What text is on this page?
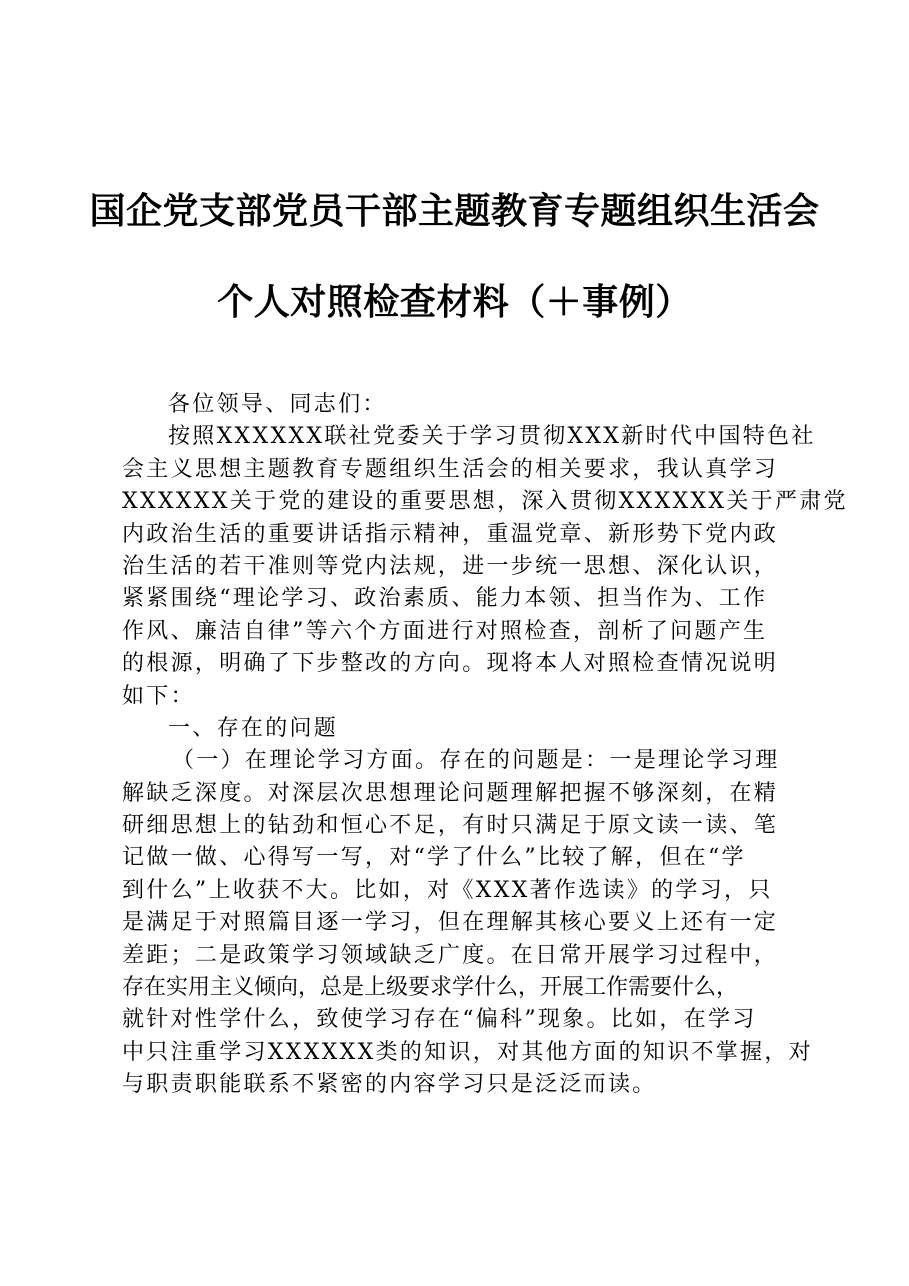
国企党支部党员干部主题教育专题组织生活会
个人对照检查材料（＋事例）
各位领导、同志们：
按照XXXXXX联社党委关于学习贯彻XXX新时代中国特色社
会主义思想主题教育专题组织生活会的相关要求，我认真学习
XXXXXX关于党的建设的重要思想，深入贯彻XXXXXX关于严肃党
内政治生活的重要讲话指示精神，重温党章、新形势下党内政
治生活的若干准则等党内法规，进一步统一思想、深化认识，
紧紧围绕“理论学习、政治素质、能力本领、担当作为、工作
作风、廉洁自律”等六个方面进行对照检查，剖析了问题产生
的根源，明确了下步整改的方向。现将本人对照检查情况说明
如下：
一、存在的问题
（一）在理论学习方面。存在的问题是：一是理论学习理
解缺乏深度。对深层次思想理论问题理解把握不够深刻，在精
研细思想上的钻劲和恒心不足，有时只满足于原文读一读、笔
记做一做、心得写一写，对“学了什么”比较了解，但在“学
到什么”上收获不大。比如，对《XXX著作选读》的学习，只
是满足于对照篇目逐一学习，但在理解其核心要义上还有一定
差距；二是政策学习领域缺乏广度。在日常开展学习过程中，
存在实用主义倾向，总是上级要求学什么，开展工作需要什么，
就针对性学什么，致使学习存在“偏科”现象。比如，在学习
中只注重学习XXXXXX类的知识，对其他方面的知识不掌握，对
与职责职能联系不紧密的内容学习只是泛泛而读。
